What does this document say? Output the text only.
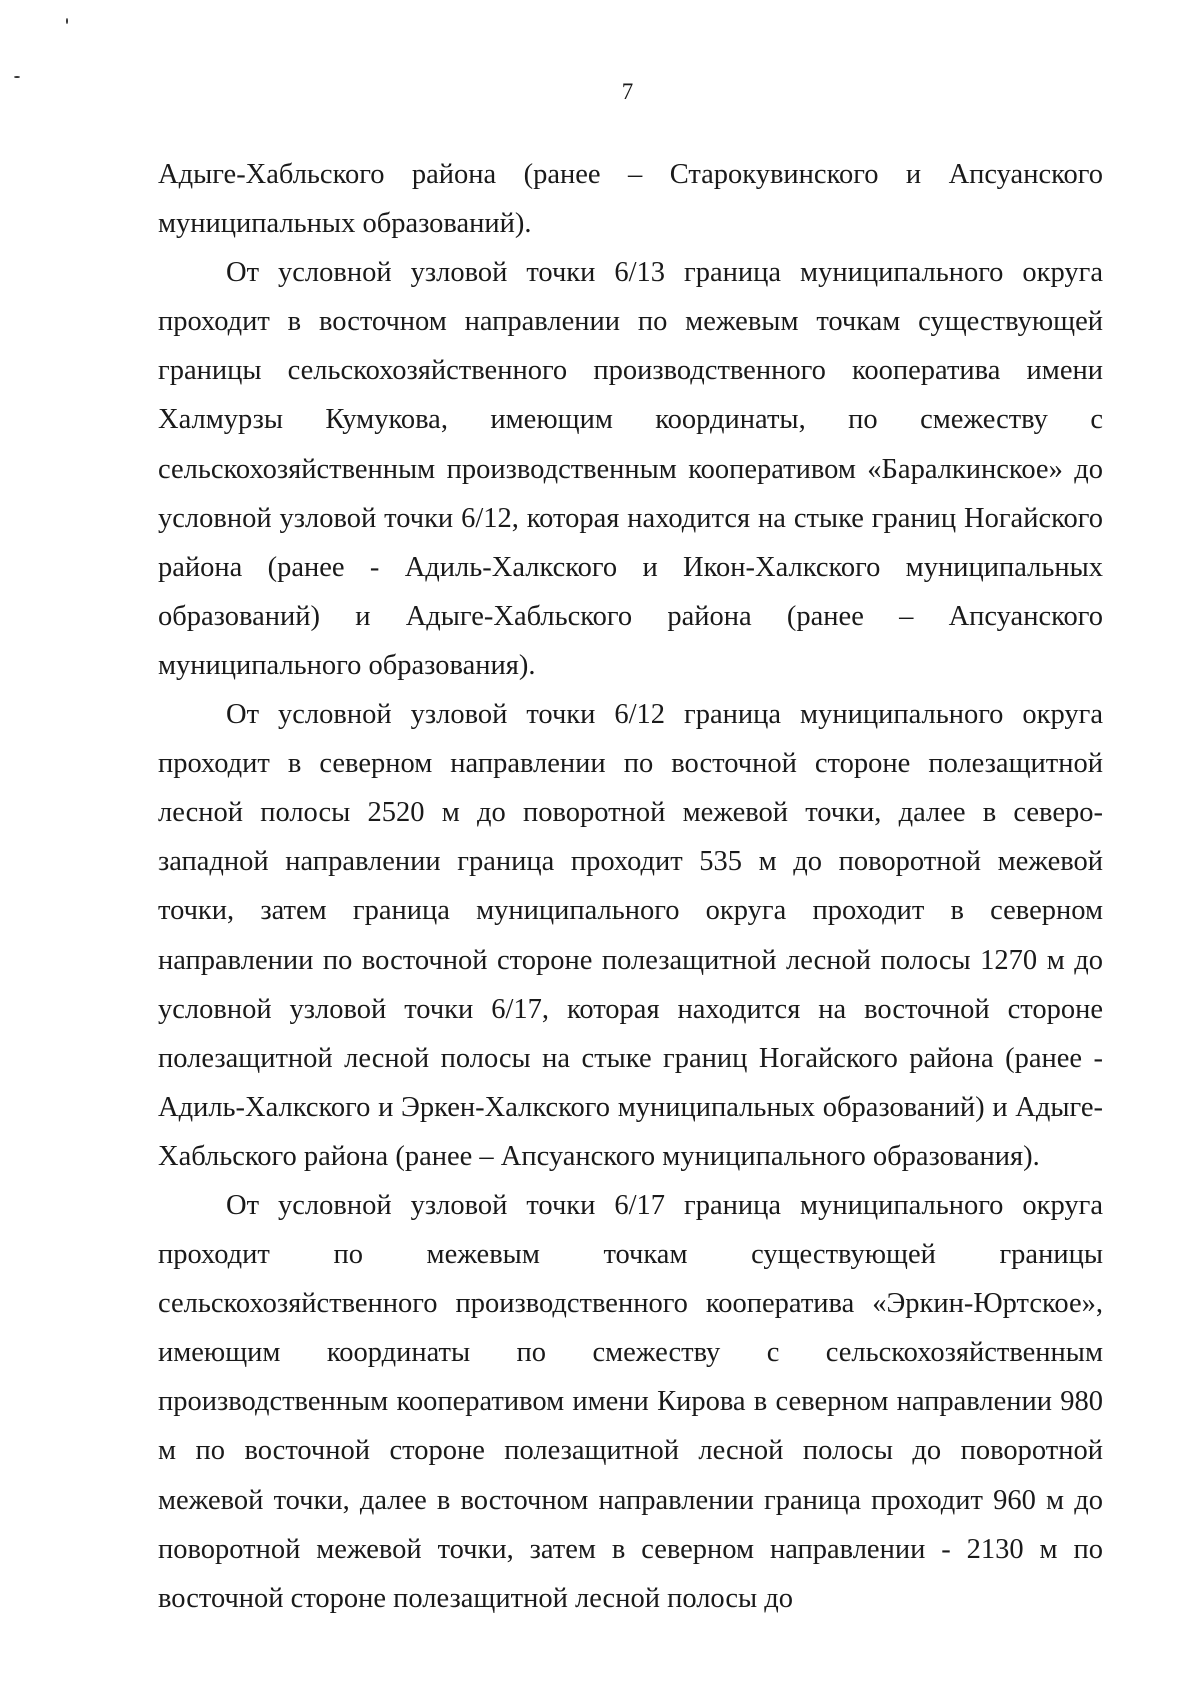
7

Адыге-Хабльского района (ранее – Старокувинского и Апсуанского муниципальных образований).

От условной узловой точки 6/13 граница муниципального округа проходит в восточном направлении по межевым точкам существующей границы сельскохозяйственного производственного кооператива имени Халмурзы Кумукова, имеющим координаты, по смежеству с сельскохозяйственным производственным кооперативом «Баралкинское» до условной узловой точки 6/12, которая находится на стыке границ Ногайского района (ранее - Адиль-Халкского и Икон-Халкского муниципальных образований) и Адыге-Хабльского района (ранее – Апсуанского муниципального образования).

От условной узловой точки 6/12 граница муниципального округа проходит в северном направлении по восточной стороне полезащитной лесной полосы 2520 м до поворотной межевой точки, далее в северо-западной направлении граница проходит 535 м до поворотной межевой точки, затем граница муниципального округа проходит в северном направлении по восточной стороне полезащитной лесной полосы 1270 м до условной узловой точки 6/17, которая находится на восточной стороне полезащитной лесной полосы на стыке границ Ногайского района (ранее - Адиль-Халкского и Эркен-Халкского муниципальных образований) и Адыге-Хабльского района (ранее – Апсуанского муниципального образования).

От условной узловой точки 6/17 граница муниципального округа проходит по межевым точкам существующей границы сельскохозяйственного производственного кооператива «Эркин-Юртское», имеющим координаты по смежеству с сельскохозяйственным производственным кооперативом имени Кирова в северном направлении 980 м по восточной стороне полезащитной лесной полосы до поворотной межевой точки, далее в восточном направлении граница проходит 960 м до поворотной межевой точки, затем в северном направлении - 2130 м по восточной стороне полезащитной лесной полосы до
